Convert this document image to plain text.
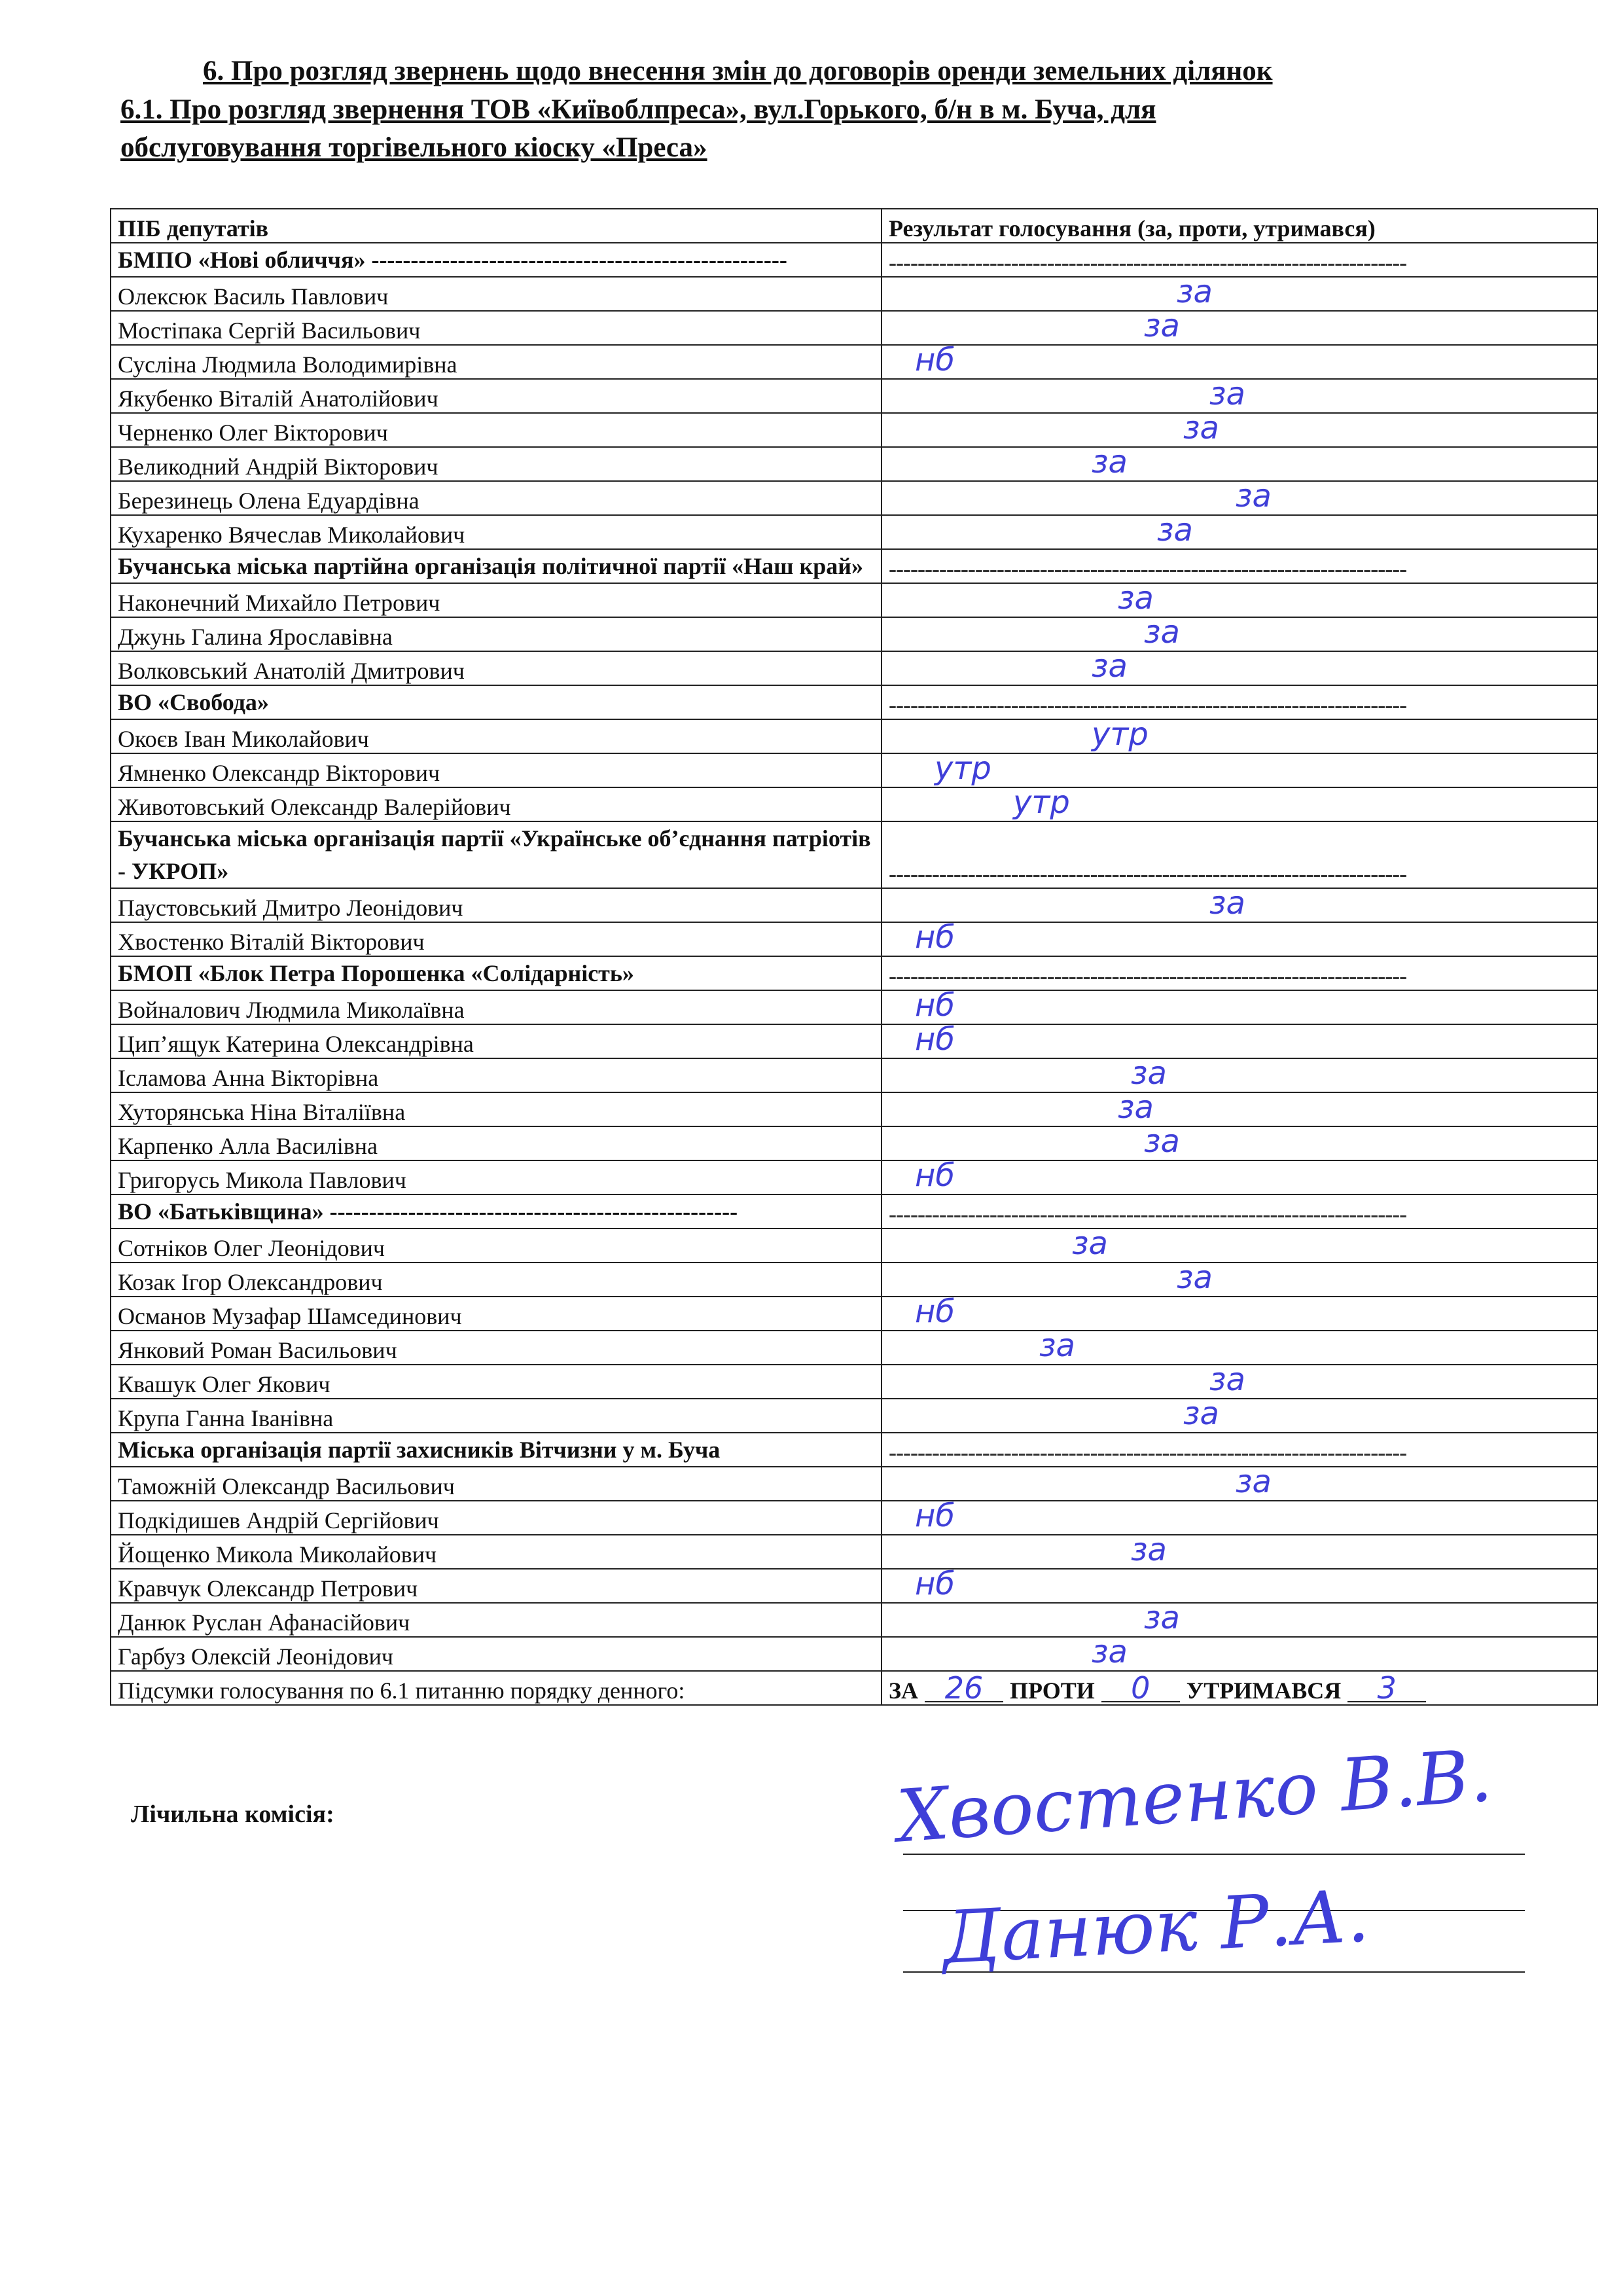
6. Про розгляд звернень щодо внесення змін до договорів оренди земельних ділянок
6.1. Про розгляд звернення ТОВ «Київоблпреса», вул.Горького, б/н в м. Буча, для
обслуговування торгівельного кіоску «Преса»
ПІБ депутатів	Результат голосування (за, проти, утримався)
БМПО «Нові обличчя» -----------------------------------------------------	------------------------------------------------------------------------
Олексюк Василь Павлович	за

Мостіпака Сергій Васильович	за

Сусліна Людмила Володимирівна	нб

Якубенко Віталій Анатолійович	за

Черненко Олег Вікторович	за

Великодний Андрій Вікторович	за

Березинець Олена Едуардівна	за

Кухаренко Вячеслав Миколайович	за

Бучанська міська партійна організація політичної партії «Наш край»	------------------------------------------------------------------------
Наконечний Михайло Петрович	за

Джунь Галина Ярославівна	за

Волковський Анатолій Дмитрович	за

ВО «Свобода»	------------------------------------------------------------------------
Окоєв Іван Миколайович	утр

Ямненко Олександр Вікторович	утр

Животовський Олександр Валерійович	утр

Бучанська міська організація партії «Українське об’єднання патріотів - УКРОП»	------------------------------------------------------------------------
Паустовський Дмитро Леонідович	за

Хвостенко Віталій Вікторович	нб

БМОП «Блок Петра Порошенка «Солідарність»	------------------------------------------------------------------------
Войналович Людмила Миколаївна	нб

Цип’ящук Катерина Олександрівна	нб

Ісламова Анна Вікторівна	за

Хуторянська Ніна Віталіївна	за

Карпенко Алла Василівна	за

Григорусь Микола Павлович	нб

ВО «Батьківщина» ----------------------------------------------------	------------------------------------------------------------------------
Сотніков Олег Леонідович	за

Козак Ігор Олександрович	за

Османов Музафар Шамсединович	нб

Янковий Роман Васильович	за

Квашук Олег Якович	за

Крупа Ганна Іванівна	за

Міська організація партії захисників Вітчизни у м. Буча	------------------------------------------------------------------------
Таможній Олександр Васильович	за

Подкідишев Андрій Сергійович	нб

Йощенко Микола Миколайович	за

Кравчук Олександр Петрович	нб

Данюк Руслан Афанасійович	за

Гарбуз Олексій Леонідович	за

Підсумки голосування по 6.1 питанню порядку денного:	ЗА 26 ПРОТИ 0 УТРИМАВСЯ 3
Лічильна комісія:	Хвостенко В.В.
Данюк Р.А.
